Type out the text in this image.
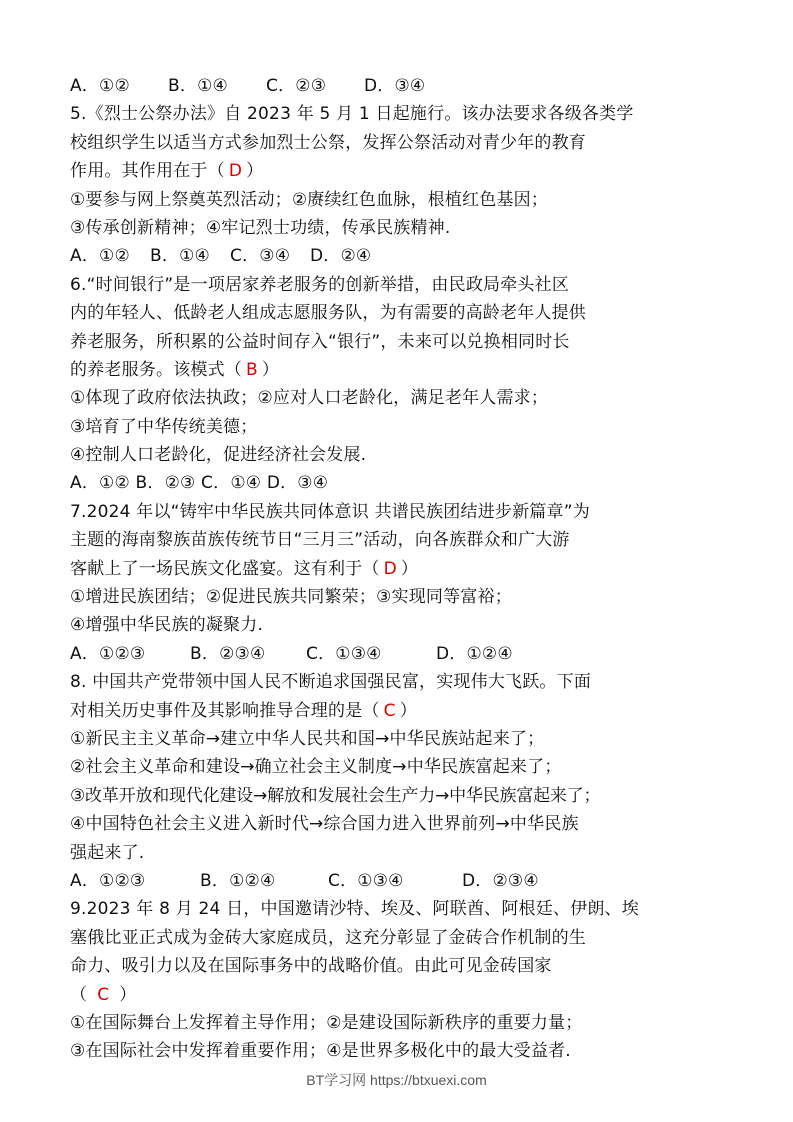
A．①② B．①④ C．②③ D．③④
5.《烈士公祭办法》自 2023 年 5 月 1 日起施行。该办法要求各级各类学
校组织学生以适当方式参加烈士公祭，发挥公祭活动对青少年的教育
作用。其作用在于（ D ）
①要参与网上祭奠英烈活动；②赓续红色血脉，根植红色基因；
③传承创新精神；④牢记烈士功绩，传承民族精神.
A．①② B．①④ C．③④ D．②④
6.“时间银行”是一项居家养老服务的创新举措，由民政局牵头社区
内的年轻人、低龄老人组成志愿服务队，为有需要的高龄老年人提供
养老服务，所积累的公益时间存入“银行”，未来可以兑换相同时长
的养老服务。该模式（ B ）
①体现了政府依法执政；②应对人口老龄化，满足老年人需求；
③培育了中华传统美德；
④控制人口老龄化，促进经济社会发展.
A．①② B．②③ C．①④ D．③④
7.2024 年以“铸牢中华民族共同体意识 共谱民族团结进步新篇章”为
主题的海南黎族苗族传统节日“三月三”活动，向各族群众和广大游
客献上了一场民族文化盛宴。这有利于（ D ）
①增进民族团结；②促进民族共同繁荣；③实现同等富裕；
④增强中华民族的凝聚力.
A．①②③	B．②③④ C．①③④	D．①②④
8. 中国共产党带领中国人民不断追求国强民富，实现伟大飞跃。下面
对相关历史事件及其影响推导合理的是（ C ）
①新民主主义革命→建立中华人民共和国→中华民族站起来了；
②社会主义革命和建设→确立社会主义制度→中华民族富起来了；
③改革开放和现代化建设→解放和发展社会生产力→中华民族富起来了；
④中国特色社会主义进入新时代→综合国力进入世界前列→中华民族
强起来了.
A．①②③	B．①②④	C．①③④	D．②③④
9.2023 年 8 月 24 日，中国邀请沙特、埃及、阿联酋、阿根廷、伊朗、埃
塞俄比亚正式成为金砖大家庭成员，这充分彰显了金砖合作机制的生
命力、吸引力以及在国际事务中的战略价值。由此可见金砖国家
（ C ）
①在国际舞台上发挥着主导作用；②是建设国际新秩序的重要力量；
③在国际社会中发挥着重要作用；④是世界多极化中的最大受益者.
BT学习网 https://btxuexi.com
